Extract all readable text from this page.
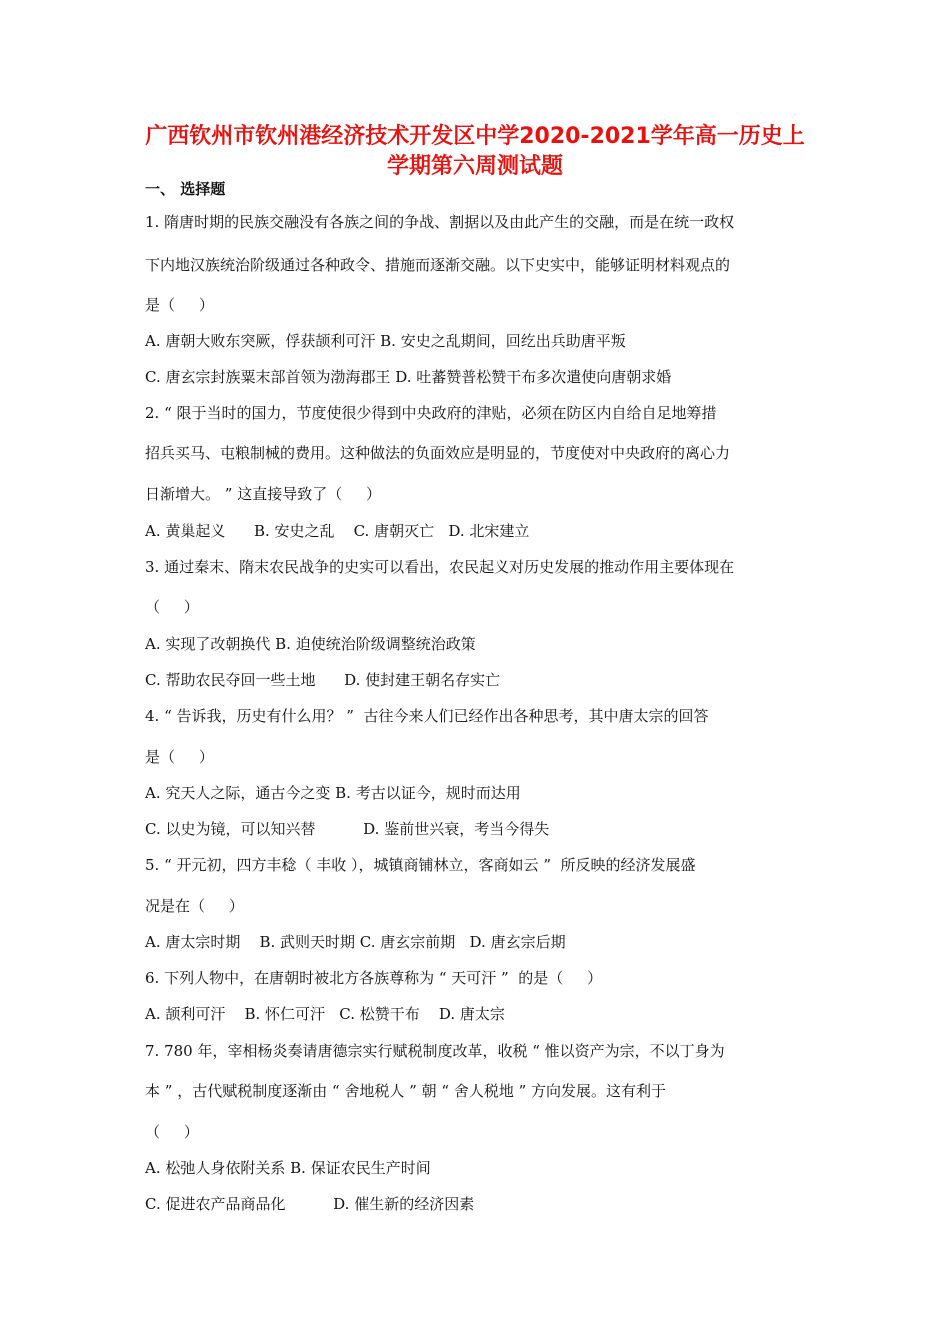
广西钦州市钦州港经济技术开发区中学2020-2021学年高一历史上
学期第六周测试题
一、 选择题
1. 隋唐时期的民族交融没有各族之间的争战、割据以及由此产生的交融，而是在统一政权
下内地汉族统治阶级通过各种政令、措施而逐渐交融。以下史实中，能够证明材料观点的
是（     ）
A. 唐朝大败东突厥，俘获颉利可汗 B. 安史之乱期间，回纥出兵助唐平叛
C. 唐玄宗封族粟末部首领为渤海郡王 D. 吐蕃赞普松赞干布多次遣使向唐朝求婚
2. “ 限于当时的国力，节度使很少得到中央政府的津贴，必须在防区内自给自足地筹措
招兵买马、屯粮制械的费用。这种做法的负面效应是明显的，节度使对中央政府的离心力
日渐增大。 ” 这直接导致了（     ）
A. 黄巢起义      B. 安史之乱    C. 唐朝灭亡   D. 北宋建立
3. 通过秦末、隋末农民战争的史实可以看出，农民起义对历史发展的推动作用主要体现在
（     ）
A. 实现了改朝换代 B. 迫使统治阶级调整统治政策
C. 帮助农民夺回一些土地      D. 使封建王朝名存实亡
4. “ 告诉我，历史有什么用？ ”  古往今来人们已经作出各种思考，其中唐太宗的回答
是（     ）
A. 究天人之际，通古今之变 B. 考古以证今，规时而达用
C. 以史为镜，可以知兴替          D. 鉴前世兴衰，考当今得失
5. “ 开元初，四方丰稔（ 丰收 ），城镇商铺林立，客商如云 ”  所反映的经济发展盛
况是在（     ）
A. 唐太宗时期    B. 武则天时期 C. 唐玄宗前期   D. 唐玄宗后期
6. 下列人物中，在唐朝时被北方各族尊称为 “ 天可汗 ”  的是（     ）
A. 颉利可汗    B. 怀仁可汗   C. 松赞干布    D. 唐太宗
7. 780 年，宰相杨炎奏请唐德宗实行赋税制度改革，收税 “ 惟以资产为宗，不以丁身为
本 ” ，古代赋税制度逐渐由 “ 舍地税人 ” 朝 “ 舍人税地 ” 方向发展。这有利于
（     ）
A. 松弛人身依附关系 B. 保证农民生产时间
C. 促进农产品商品化          D. 催生新的经济因素
